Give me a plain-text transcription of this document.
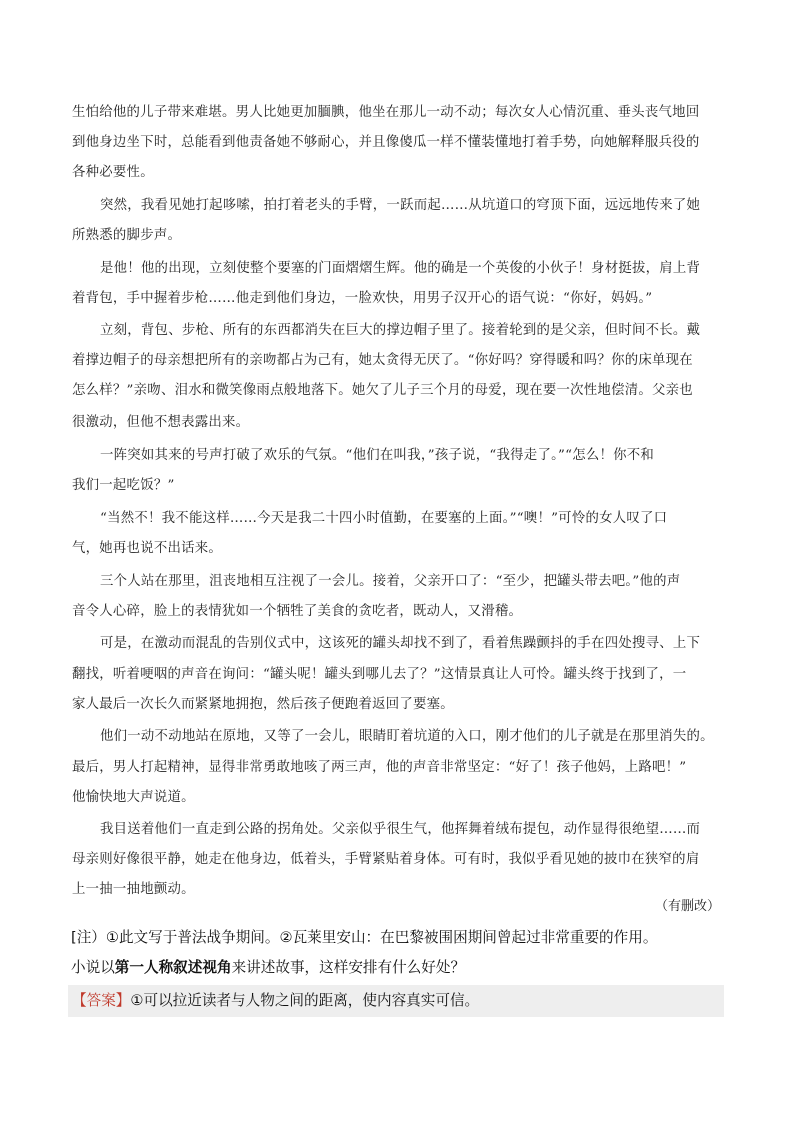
生怕给他的儿子带来难堪。男人比她更加腼腆，他坐在那儿一动不动；每次女人心情沉重、垂头丧气地回
到他身边坐下时，总能看到他责备她不够耐心，并且像傻瓜一样不懂装懂地打着手势，向她解释服兵役的
各种必要性。
突然，我看见她打起哆嗦，拍打着老头的手臂，一跃而起……从坑道口的穹顶下面，远远地传来了她
所熟悉的脚步声。
是他！他的出现，立刻使整个要塞的门面熠熠生辉。他的确是一个英俊的小伙子！身材挺拔，肩上背
着背包，手中握着步枪……他走到他们身边，一脸欢快，用男子汉开心的语气说：“你好，妈妈。”
立刻，背包、步枪、所有的东西都消失在巨大的撑边帽子里了。接着轮到的是父亲，但时间不长。戴
着撑边帽子的母亲想把所有的亲吻都占为己有，她太贪得无厌了。“你好吗？穿得暖和吗？你的床单现在
怎么样？”亲吻、泪水和微笑像雨点般地落下。她欠了儿子三个月的母爱，现在要一次性地偿清。父亲也
很激动，但他不想表露出来。
一阵突如其来的号声打破了欢乐的气氛。“他们在叫我，”孩子说，“我得走了。”“怎么！你不和
我们一起吃饭？”
“当然不！我不能这样……今天是我二十四小时值勤，在要塞的上面。”“噢！”可怜的女人叹了口
气，她再也说不出话来。
三个人站在那里，沮丧地相互注视了一会儿。接着，父亲开口了：“至少，把罐头带去吧。”他的声
音令人心碎，脸上的表情犹如一个牺牲了美食的贪吃者，既动人，又滑稽。
可是，在激动而混乱的告别仪式中，这该死的罐头却找不到了，看着焦躁颤抖的手在四处搜寻、上下
翻找，听着哽咽的声音在询问：“罐头呢！罐头到哪儿去了？”这情景真让人可怜。罐头终于找到了，一
家人最后一次长久而紧紧地拥抱，然后孩子便跑着返回了要塞。
他们一动不动地站在原地，又等了一会儿，眼睛盯着坑道的入口，刚才他们的儿子就是在那里消失的。
最后，男人打起精神，显得非常勇敢地咳了两三声，他的声音非常坚定：“好了！孩子他妈，上路吧！”
他愉快地大声说道。
我目送着他们一直走到公路的拐角处。父亲似乎很生气，他挥舞着绒布提包，动作显得很绝望……而
母亲则好像很平静，她走在他身边，低着头，手臂紧贴着身体。可有时，我似乎看见她的披巾在狭窄的肩
上一抽一抽地颤动。
（有删改）
[注）①此文写于普法战争期间。②瓦莱里安山：在巴黎被围困期间曾起过非常重要的作用。
小说以第一人称叙述视角来讲述故事，这样安排有什么好处？
【答案】①可以拉近读者与人物之间的距离，使内容真实可信。
